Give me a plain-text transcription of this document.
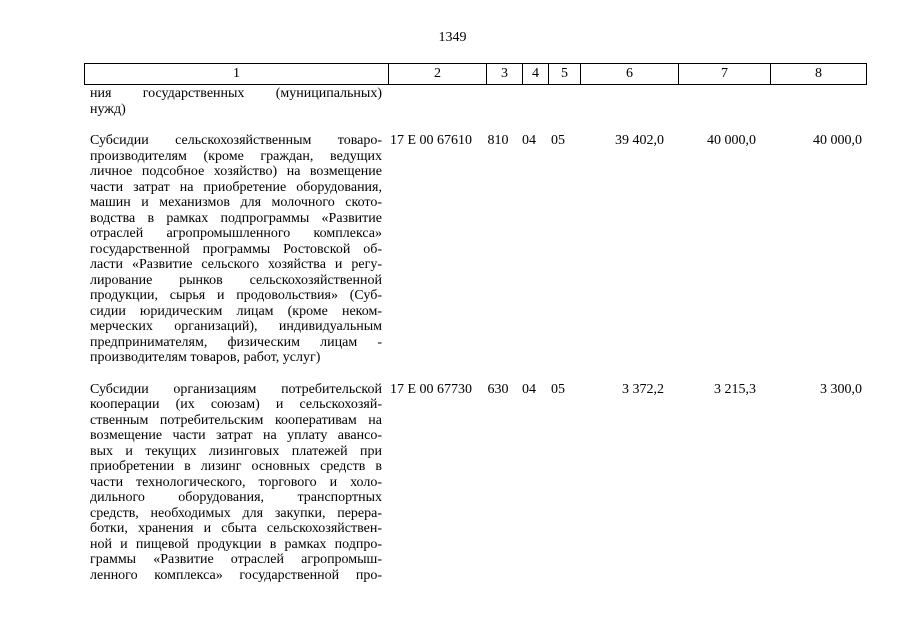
1349
1	2	3	4	5	6	7	8
ния государственных (муниципальных)
нужд)
Субсидии сельскохозяйственным товаро-
производителям (кроме граждан, ведущих
личное подсобное хозяйство) на возмещение
части затрат на приобретение оборудования,
машин и механизмов для молочного ското-
водства в рамках подпрограммы «Развитие
отраслей агропромышленного комплекса»
государственной программы Ростовской об-
ласти «Развитие сельского хозяйства и регу-
лирование рынков сельскохозяйственной
продукции, сырья и продовольствия» (Суб-
сидии юридическим лицам (кроме неком-
мерческих организаций), индивидуальным
предпринимателям, физическим лицам -
производителям товаров, работ, услуг)
17 Е 00 67610	810 04	05	39 402,0	40 000,0	40 000,0
Субсидии организациям потребительской
кооперации (их союзам) и сельскохозяй-
ственным потребительским кооперативам на
возмещение части затрат на уплату авансо-
вых и текущих лизинговых платежей при
приобретении в лизинг основных средств в
части технологического, торгового и холо-
дильного оборудования, транспортных
средств, необходимых для закупки, перера-
ботки, хранения и сбыта сельскохозяйствен-
ной и пищевой продукции в рамках подпро-
граммы «Развитие отраслей агропромыш-
ленного комплекса» государственной про-
17 Е 00 67730	630 04	05	3 372,2	3 215,3	3 300,0
